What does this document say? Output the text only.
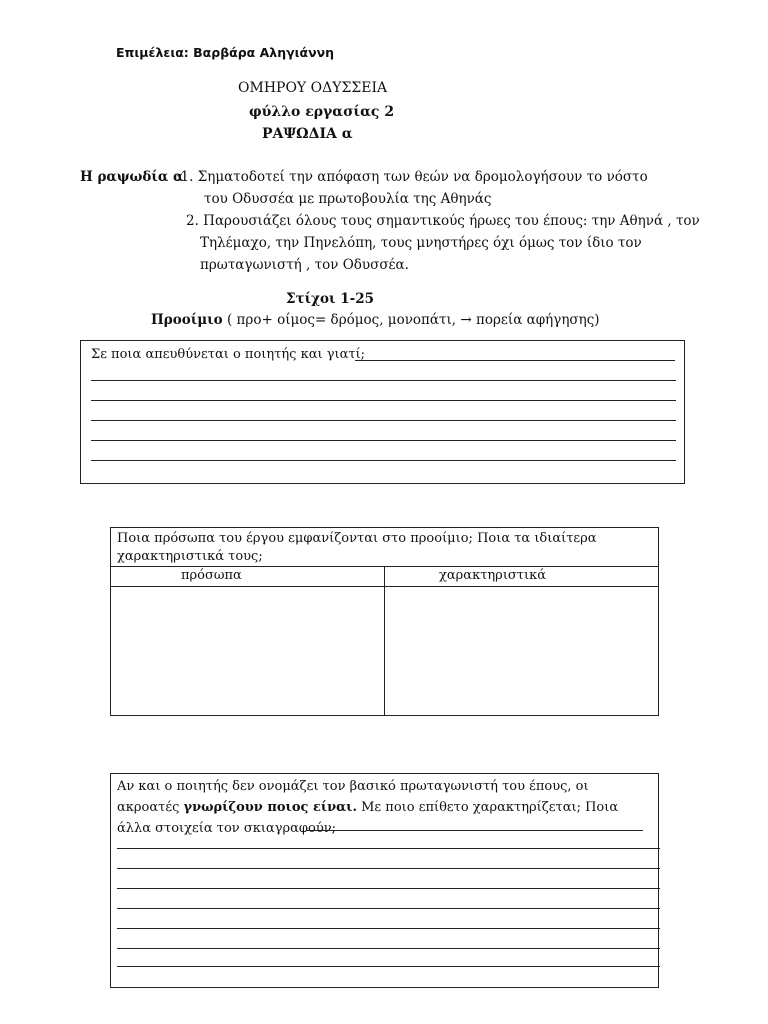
Επιμέλεια: Βαρβάρα Αληγιάννη
ΟΜΗΡΟΥ ΟΔΥΣΣΕΙΑ
φύλλο εργασίας 2
ΡΑΨΩΔΙΑ α
Η ραψωδία α
:1. Σηματοδοτεί την απόφαση των θεών να δρομολογήσουν το νόστο
του Οδυσσέα με πρωτοβουλία της Αθηνάς
2. Παρουσιάζει όλους τους σημαντικούς ήρωες του έπους: την Αθηνά , τον
Τηλέμαχο, την Πηνελόπη, τους μνηστήρες όχι όμως τον ίδιο τον
πρωταγωνιστή , τον Οδυσσέα.
Στίχοι 1-25
Προοίμιο ( προ+ οίμος= δρόμος, μονοπάτι, → πορεία αφήγησης)
Σε ποια απευθύνεται ο ποιητής και γιατί;
Ποια πρόσωπα του έργου εμφανίζονται στο προοίμιο; Ποια τα ιδιαίτερα χαρακτηριστικά τους;
πρόσωπα	χαρακτηριστικά
Αν και ο ποιητής δεν ονομάζει τον βασικό πρωταγωνιστή του έπους, οι ακροατές γνωρίζουν ποιος είναι. Με ποιο επίθετο χαρακτηρίζεται; Ποια άλλα στοιχεία τον σκιαγραφούν;
